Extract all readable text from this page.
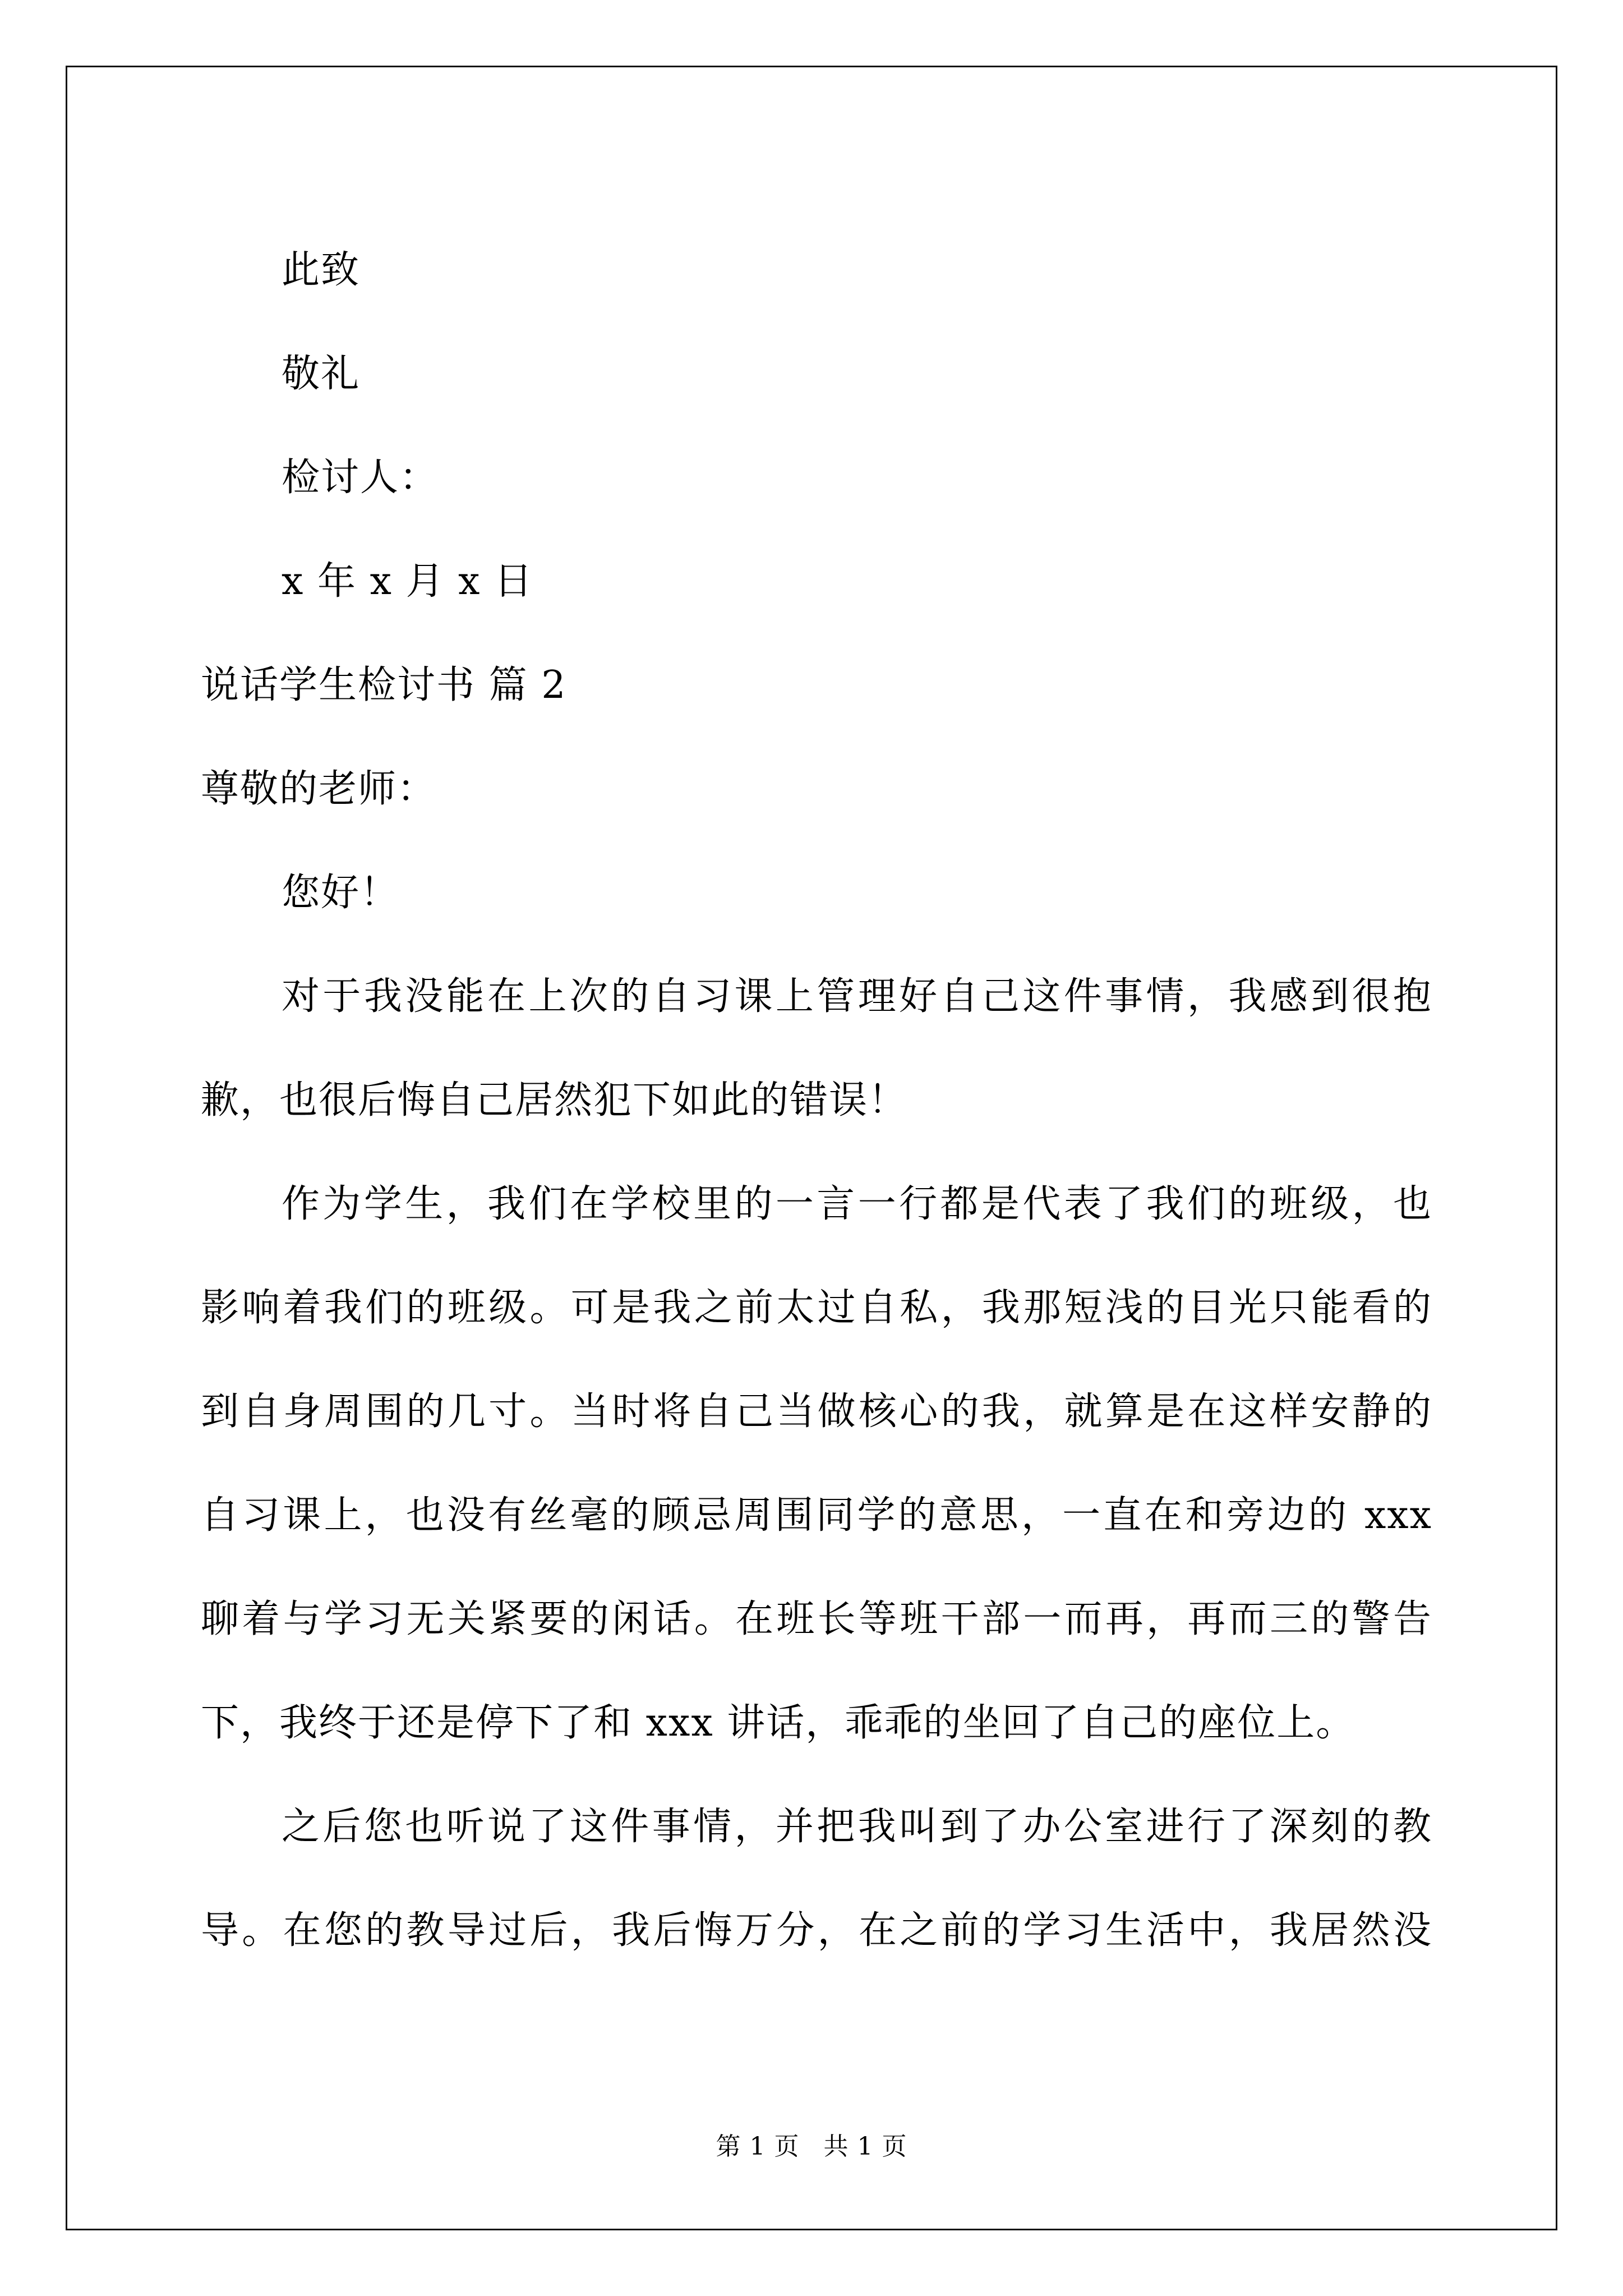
此致
敬礼
检讨人：
x 年 x 月 x 日
说话学生检讨书 篇 2
尊敬的老师：
您好！
对于我没能在上次的自习课上管理好自己这件事情，我感到很抱
歉，也很后悔自己居然犯下如此的错误！
作为学生，我们在学校里的一言一行都是代表了我们的班级，也
影响着我们的班级。可是我之前太过自私，我那短浅的目光只能看的
到自身周围的几寸。当时将自己当做核心的我，就算是在这样安静的
自习课上，也没有丝毫的顾忌周围同学的意思，一直在和旁边的 xxx
聊着与学习无关紧要的闲话。在班长等班干部一而再，再而三的警告
下，我终于还是停下了和 xxx 讲话，乖乖的坐回了自己的座位上。
之后您也听说了这件事情，并把我叫到了办公室进行了深刻的教
导。在您的教导过后，我后悔万分，在之前的学习生活中，我居然没
第 1 页 共 1 页
